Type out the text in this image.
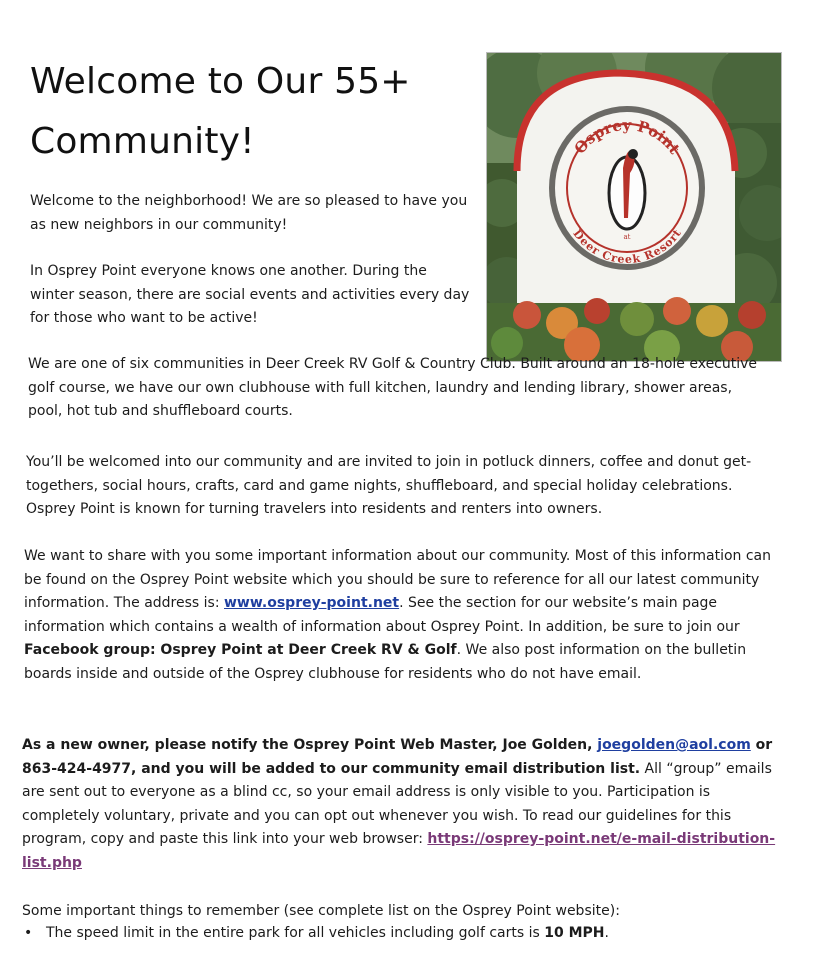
Welcome to Our 55+ Community!	Osprey Point
at
Deer Creek Resort

Welcome to the neighborhood! We are so pleased to have you as new neighbors in our community!

In Osprey Point everyone knows one another. During the winter season, there are social events and activities every day for those who want to be active!

We are one of six communities in Deer Creek RV Golf & Country Club. Built around an 18-hole executive golf course, we have our own clubhouse with full kitchen, laundry and lending library, shower areas, pool, hot tub and shuffleboard courts.

You’ll be welcomed into our community and are invited to join in potluck dinners, coffee and donut get-togethers, social hours, crafts, card and game nights, shuffleboard, and special holiday celebrations. Osprey Point is known for turning travelers into residents and renters into owners.

We want to share with you some important information about our community. Most of this information can be found on the Osprey Point website which you should be sure to reference for all our latest community information. The address is: www.osprey-point.net. See the section for our website’s main page information which contains a wealth of information about Osprey Point. In addition, be sure to join our Facebook group: Osprey Point at Deer Creek RV & Golf. We also post information on the bulletin boards inside and outside of the Osprey clubhouse for residents who do not have email.

As a new owner, please notify the Osprey Point Web Master, Joe Golden, joegolden@aol.com or 863-424-4977, and you will be added to our community email distribution list. All “group” emails are sent out to everyone as a blind cc, so your email address is only visible to you. Participation is completely voluntary, private and you can opt out whenever you wish. To read our guidelines for this program, copy and paste this link into your web browser: https://osprey-point.net/e-mail-distribution-list.php

Some important things to remember (see complete list on the Osprey Point website):

• The speed limit in the entire park for all vehicles including golf carts is 10 MPH.
